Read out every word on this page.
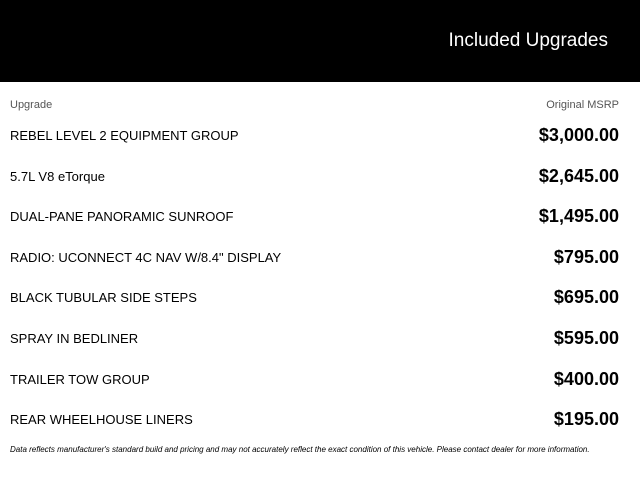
Included Upgrades
Upgrade	Original MSRP
REBEL LEVEL 2 EQUIPMENT GROUP	$3,000.00
5.7L V8 eTorque	$2,645.00
DUAL-PANE PANORAMIC SUNROOF	$1,495.00
RADIO: UCONNECT 4C NAV W/8.4" DISPLAY	$795.00
BLACK TUBULAR SIDE STEPS	$695.00
SPRAY IN BEDLINER	$595.00
TRAILER TOW GROUP	$400.00
REAR WHEELHOUSE LINERS	$195.00
Data reflects manufacturer's standard build and pricing and may not accurately reflect the exact condition of this vehicle. Please contact dealer for more information.
